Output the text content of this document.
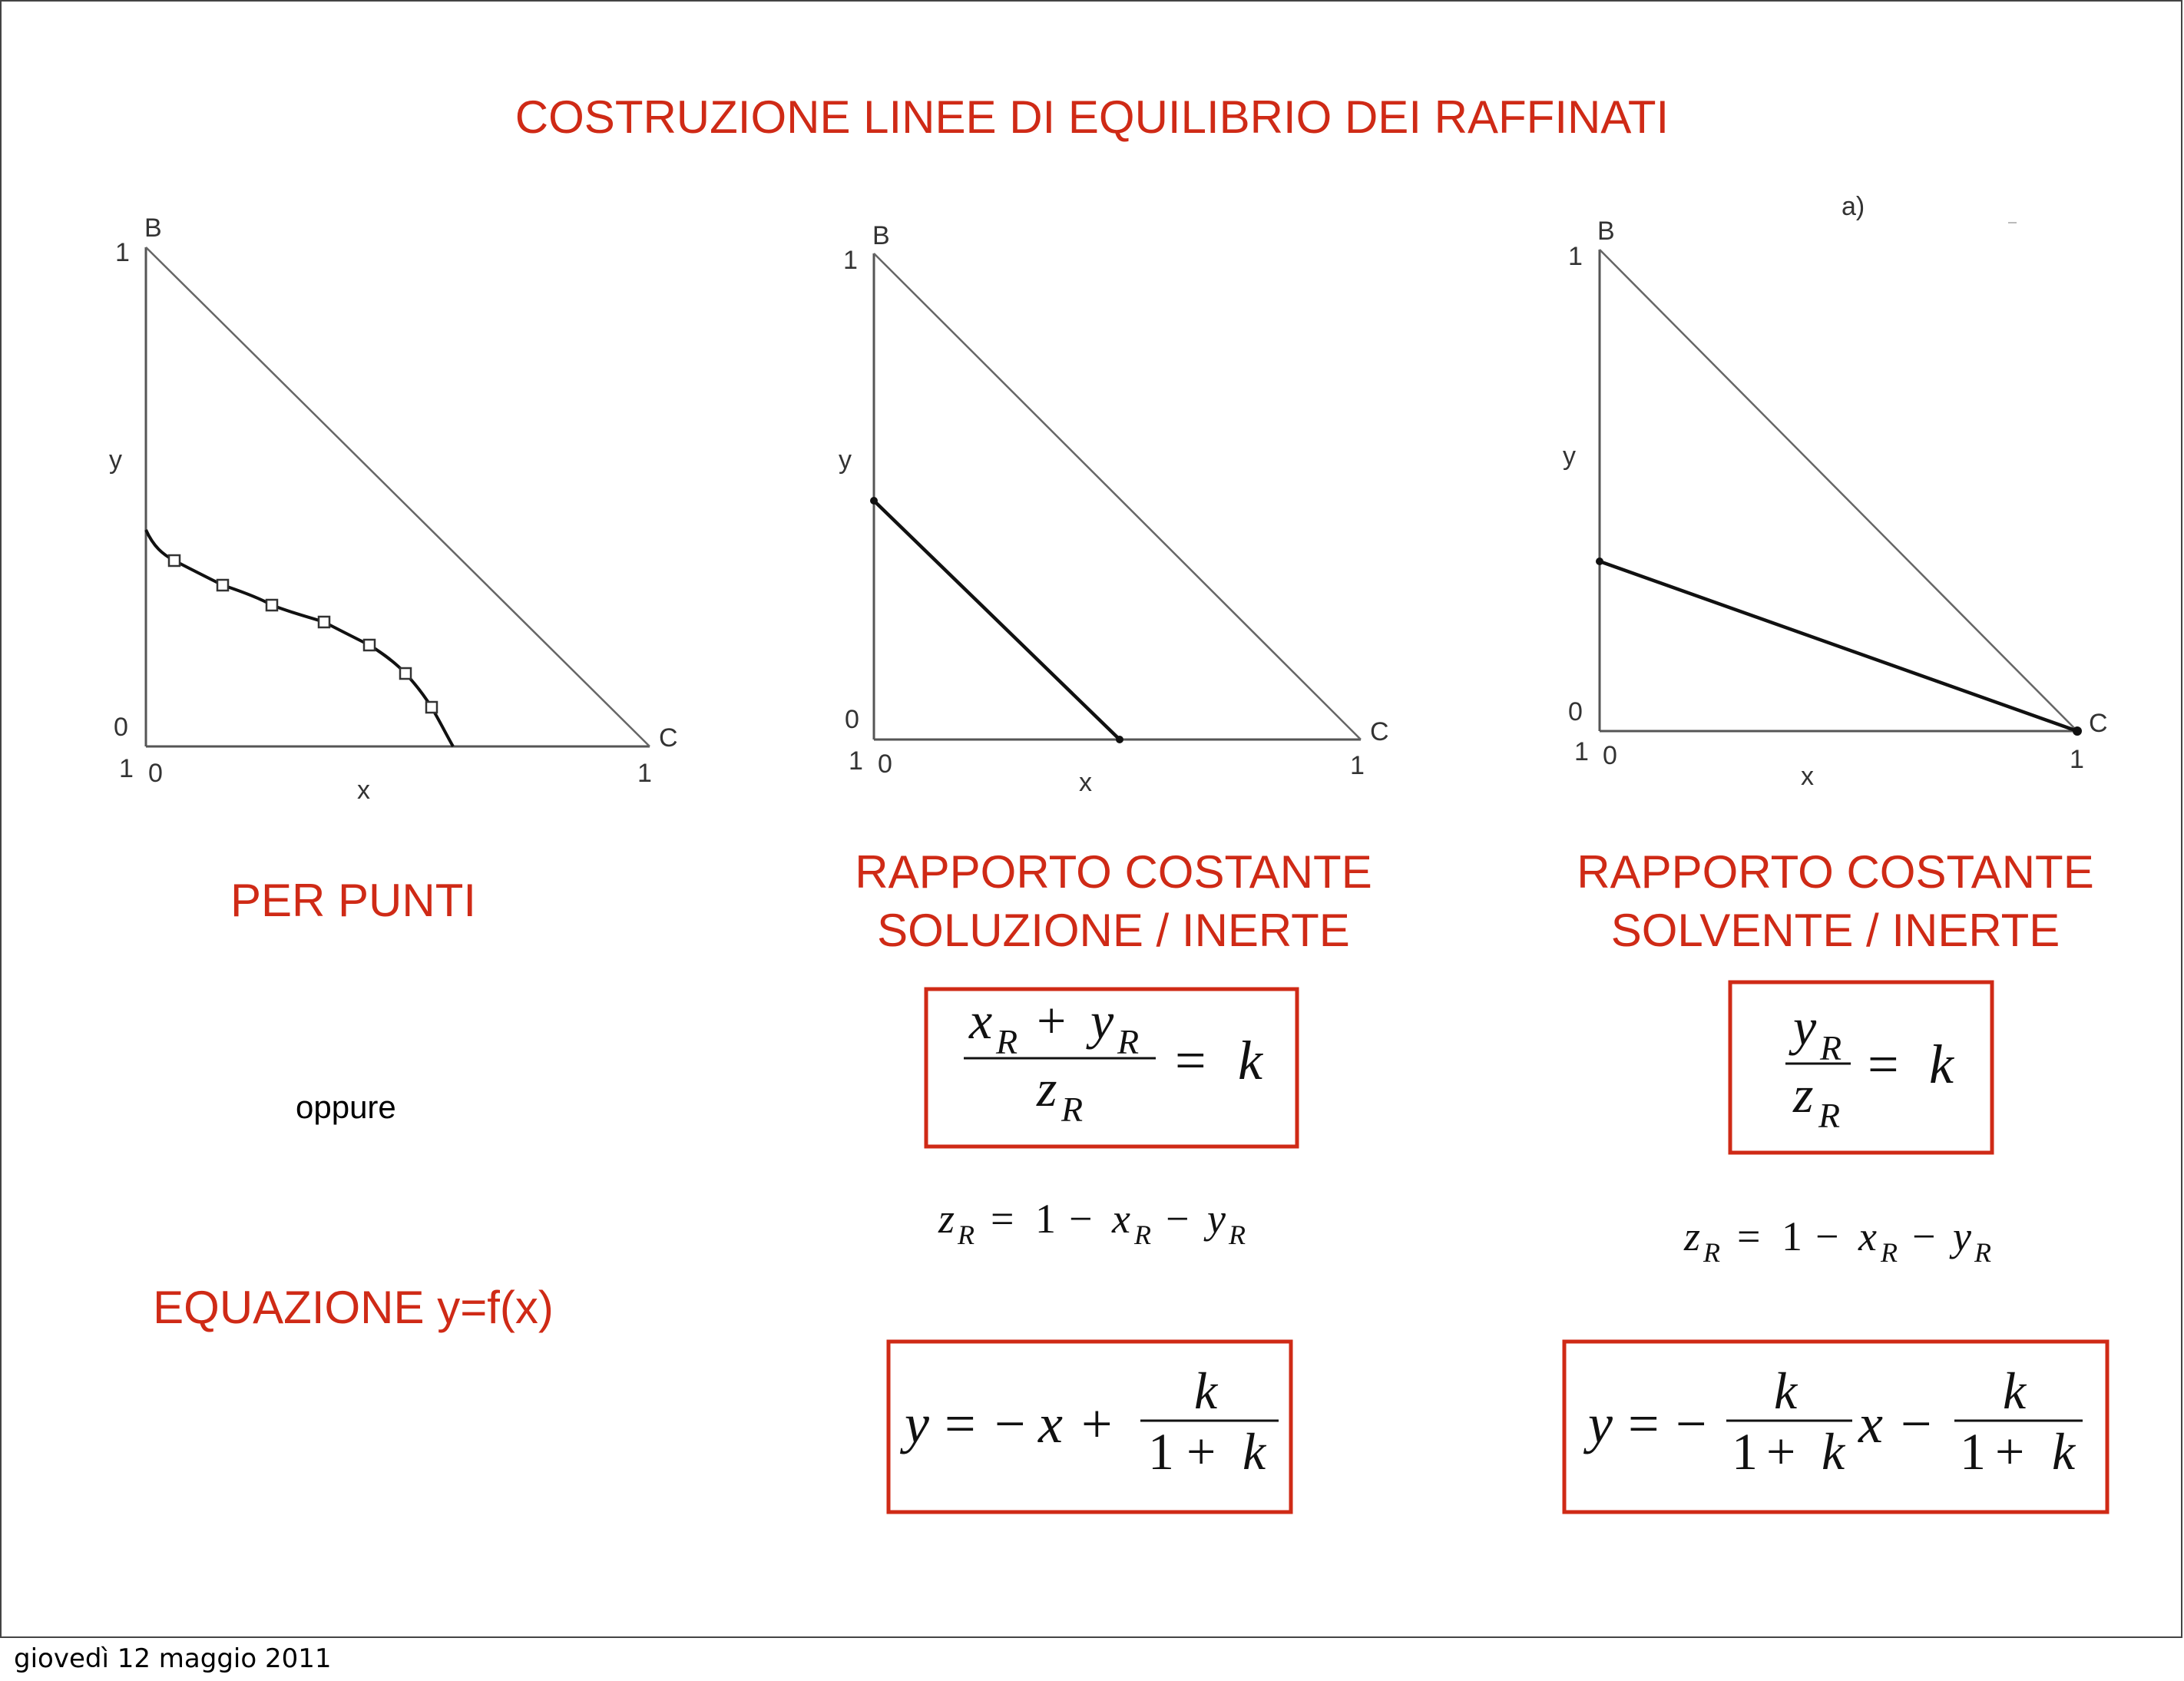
COSTRUZIONE LINEE DI EQUILIBRIO DEI RAFFINATI
B
1
y
0
1 0
x
1
C
B
1
y
0
1 0
x
1
C
B
1
y
0
1 0
x
1
C
a)
x R + y R
z R
= k
y R
z R
= k
z R = 1 − x R − y R	z R = 1 − x R − y R
y = − x +
k
1 + k	y = −
k
1 + k x −
k
1 + k
PER PUNTI
oppure
EQUAZIONE y=f(x)
RAPPORTO COSTANTE
SOLUZIONE / INERTE
RAPPORTO COSTANTE
SOLVENTE / INERTE
giovedì 12 maggio 2011
